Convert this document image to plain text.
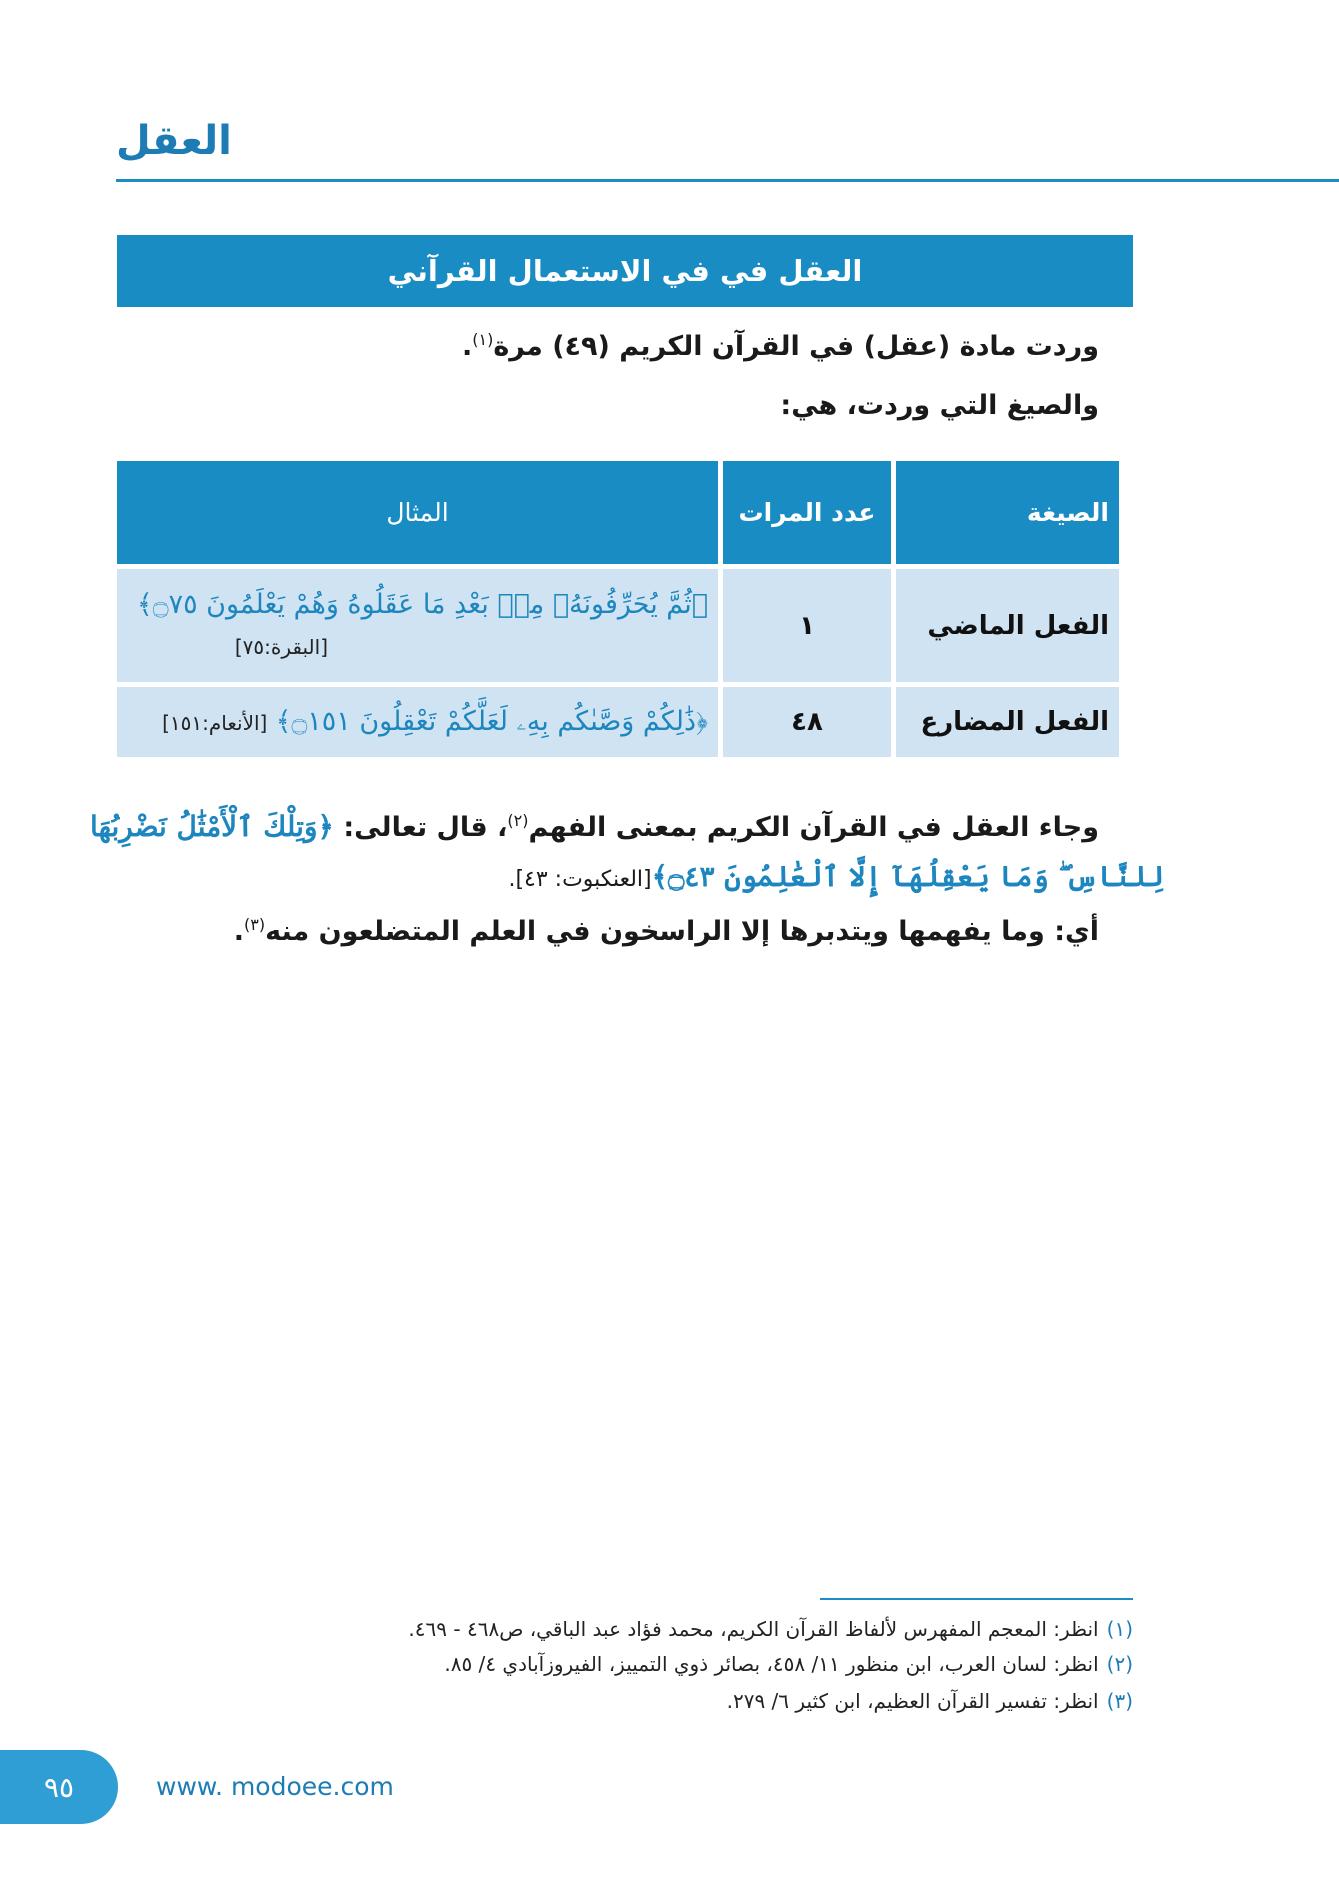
العقل
العقل في في الاستعمال القرآني
وردت مادة (عقل) في القرآن الكريم (٤٩) مرة$^{(١)}$.
والصيغ التي وردت، هي:
الصيغة	عدد المرات	المثال
الفعل الماضي	١	﴿ثُمَّ يُحَرِّفُونَهُۥ مِنۢ بَعْدِ مَا عَقَلُوهُ وَهُمْ يَعْلَمُونَ ۝٧٥﴾
[البقرة:٧٥]

الفعل المضارع	٤٨	﴿ذَٰلِكُمْ وَصَّىٰكُم بِهِۦ لَعَلَّكُمْ تَعْقِلُونَ ۝١٥١﴾ [الأنعام:١٥١]
وجاء العقل في القرآن الكريم بمعنى الفهم$^{(٢)}$، قال تعالى: ﴿وَتِلْكَ ٱلْأَمْثَٰلُ نَضْرِبُهَا
لِلنَّاسِ ۖ وَمَا يَعْقِلُهَآ إِلَّا ٱلْعَٰلِمُونَ ۝٤٣﴾[العنكبوت: ٤٣].
أي: وما يفهمها ويتدبرها إلا الراسخون في العلم المتضلعون منه$^{(٣)}$.
(١)انظر: المعجم المفهرس لألفاظ القرآن الكريم، محمد فؤاد عبد الباقي، ص٤٦٨ - ٤٦٩.
(٢)انظر: لسان العرب، ابن منظور ١١/ ٤٥٨، بصائر ذوي التمييز، الفيروزآبادي ٤/ ٨٥.
(٣)انظر: تفسير القرآن العظيم، ابن كثير ٦/ ٢٧٩.
٩٥	www. modoee.com
